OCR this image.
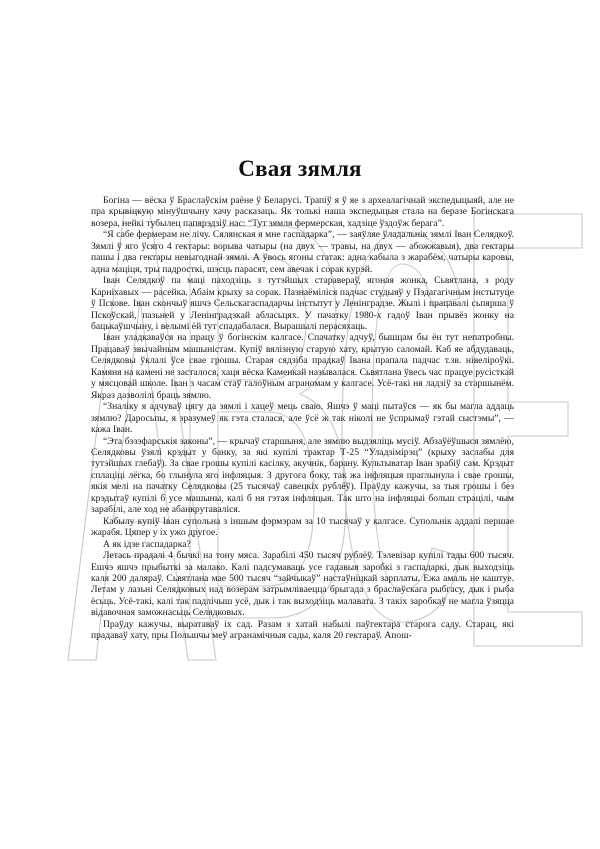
Свая зямля

Богіна — вёска ў Браслаўскім раёне ў Беларусі. Трапіў я ў яе з археалагічнай экспедыцыяй, але не пра крывіцкую мінуўшчыну хачу расказаць. Як толькі наша экспедыцыя стала на беразе Богінскага возера, нейкі тубылец папярэдзіў нас: “Тут зямля фермерская, хадзіце ўздоўж берага”.

“Я сабе фермерам не лічу. Сялянская я мне гаспадарка”, — заяўляе ўладальнік зямлі Іван Селядкоў. Зямлі ў яго ўсяго 4 гектары: ворыва чатыры (на двух — травы, на двух — абожжавыя), два гектары пашы і два гектары невыгоднай зямлі. А ўвось ягоны статак: адна кабыла з жарабём, чатыры каровы, адна маціця, тры падросткі, шэсць парасят, сем авечак і сорак курэй.

Іван Селядкоў па маці паходзіць з тутэйшых старавераў, ягоная жонка, Сьвятлана, з роду Карніхавых — расейка. Абаім крыху за сорак. Пазнаёміліся падчас студыяў у Пэдагагічным інстытуце ў Пскове. Іван скончыў яшчэ Сельскагаспадарчы інстытут у Ленінградзе. Жылі і працавалі сьпярша ў Пскоўскай, пазьней у Ленінградзкай абласьцях. У пачатку 1980-х гадоў Іван прывёз жонку на бацькаўшчыну, і велымі ёй тут спадабалася. Вырашылі перасяхаць.

Іван уладкаваўся на працу ў богінскім калгасе. Спачатку адчуў, бышцам бы ён тут непатробны. Працаваў звычайным машыністам. Купіў вялізную старую хату, крытую саломай. Каб яе абдудаваць, Селядковы ўклалі ўсе свае грошы. Старая сядзіба прадкаў Івана прапала падчас т.зв. нівеліроўкі. Камяня на камені не засталося, хаця вёска Каменкай называлася. Сьвятлана ўвесь час працуе русісткай у мясцовай школе. Іван з часам стаў галоўным аграномам у калгасе. Усё-такі ня ладзіў за старшынём. Якраз дазволілі браць зямлю.

“Зналіку я адчуваў цягу да зямлі і хацеў мець сваю. Яшчэ ў маці пытаўся — як бы магла аддаць зямлю? Даросьпы, я зразумеў як гэта сталася, але ўсё ж так ніколі не ўспрымаў гэтай сыстэмы”, — кажа Іван.

“Эта бэзэфарськія законы”, — крычаў старшыня, але зямлю выдзяліць мусіў. Абзаўёўшыся зямлёю, Селядковы ўзялі крэдыт у банку, за які купілі трактар Т-25 “Уладзімірэц” (крыху заслабы для тутэйшых глебаў). За свае грошы купілі касілку, акучнік, барану. Культыватар Іван зрабіў сам. Крэдыт сплаціці лёгка, бо глынула яго інфляцыя. З другога боку, так жа інфляцыя праглынула і свае грошы, якія мелі на пачатку Селядковы (25 тысячаў савецкіх рублёў). Праўду кажучы, за тыя грошы і без крэдытаў купілі б усе машыны, калі б ня гэтая інфляцыя. Так што на інфляцыі больш страцілі, чым зарабілі, але ход не абанкрутаваліся.

Кабылу купіў Іван супольна з іншым фэрмэрам за 10 тысячаў у калгасе. Супольнік аддалі першае жарабя. Цяпер у іх ужо другое.

А як ідзе гаспадарка?

Летась прадалі 4 бычкі на тону мяса. Зарабілі 450 тысяч рублёў. Тэлевізар купілі тады 600 тысяч. Ешчэ яшчэ прыбыткі за малако. Калі падсумаваць усе гадавыя заробкі з гаспадаркі, дык выходзіць каля 200 даляраў. Сьвятлана мае 500 тысяч “зайчыкаў” настаўніцкай зарплаты. Ежа амаль не каштуе. Летам у лазьні Селядковых над возерам затрымліваецца брыгада з браслаўскага рыбгасу, дык і рыба ёсьць. Усё-такі, калі так падлічыш усё, дык і так выходзіць малавата. З такіх заробкаў не магла ўзяцца відавочная заможнасьць Селядковых.

Праўду кажучы, выратаваў іх сад. Разам з хатай набылі паўгектара старога саду. Старац, які прадаваў хату, пры Польшчы меў агранамічныя сады, каля 20 гектараў. Апош-
